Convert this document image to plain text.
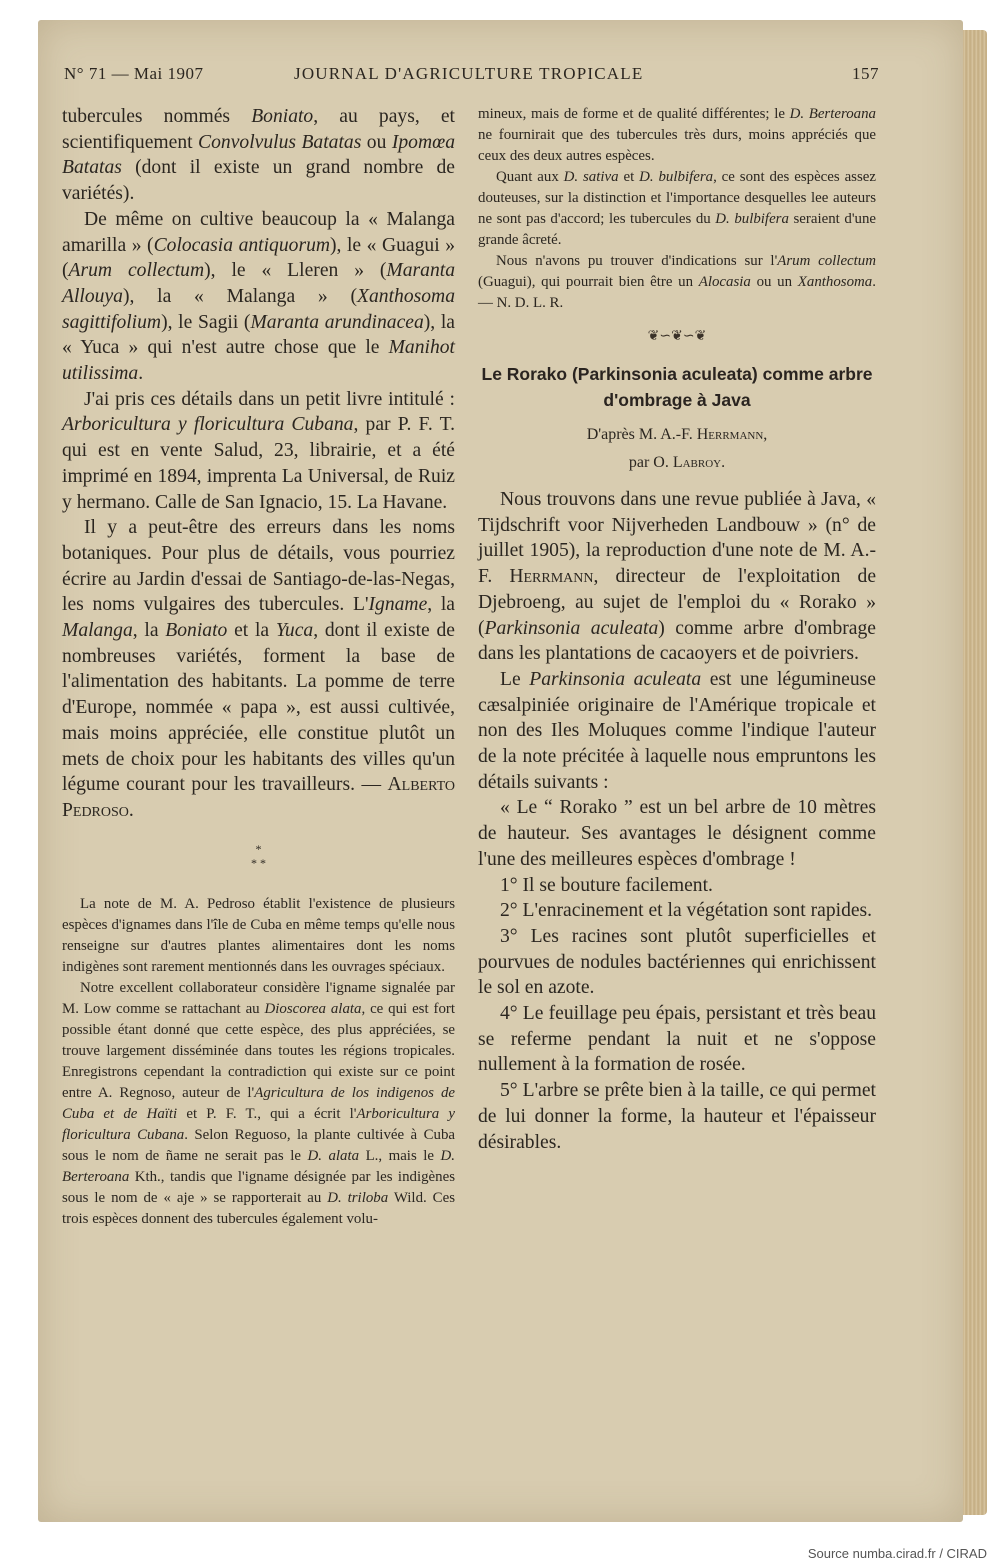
N° 71 — Mai 1907	JOURNAL D'AGRICULTURE TROPICALE	157

tubercules nommés Boniato, au pays, et scientifiquement Convolvulus Batatas ou Ipomœa Batatas (dont il existe un grand nombre de variétés).

De même on cultive beaucoup la « Malanga amarilla » (Colocasia antiquorum), le « Guagui » (Arum collectum), le « Lleren » (Maranta Allouya), la « Malanga » (Xanthosoma sagittifolium), le Sagii (Maranta arundinacea), la « Yuca » qui n'est autre chose que le Manihot utilissima.

J'ai pris ces détails dans un petit livre intitulé : Arboricultura y floricultura Cubana, par P. F. T. qui est en vente Salud, 23, librairie, et a été imprimé en 1894, imprenta La Universal, de Ruiz y hermano. Calle de San Ignacio, 15. La Havane.

Il y a peut-être des erreurs dans les noms botaniques. Pour plus de détails, vous pourriez écrire au Jardin d'essai de Santiago-de-las-Negas, les noms vulgaires des tubercules. L'Igname, la Malanga, la Boniato et la Yuca, dont il existe de nombreuses variétés, forment la base de l'alimentation des habitants. La pomme de terre d'Europe, nommée « papa », est aussi cultivée, mais moins appréciée, elle constitue plutôt un mets de choix pour les habitants des villes qu'un légume courant pour les travailleurs. — Alberto Pedroso.

*
* *

La note de M. A. Pedroso établit l'existence de plusieurs espèces d'ignames dans l'île de Cuba en même temps qu'elle nous renseigne sur d'autres plantes alimentaires dont les noms indigènes sont rarement mentionnés dans les ouvrages spéciaux.

Notre excellent collaborateur considère l'igname signalée par M. Low comme se rattachant au Dioscorea alata, ce qui est fort possible étant donné que cette espèce, des plus appréciées, se trouve largement disséminée dans toutes les régions tropicales. Enregistrons cependant la contradiction qui existe sur ce point entre A. Regnoso, auteur de l'Agricultura de los indigenos de Cuba et de Haïti et P. F. T., qui a écrit l'Arboricultura y floricultura Cubana. Selon Reguoso, la plante cultivée à Cuba sous le nom de ñame ne serait pas le D. alata L., mais le D. Berteroana Kth., tandis que l'igname désignée par les indigènes sous le nom de « aje » se rapporterait au D. triloba Wild. Ces trois espèces donnent des tubercules également volu-

mineux, mais de forme et de qualité différentes; le D. Berteroana ne fournirait que des tubercules très durs, moins appréciés que ceux des deux autres espèces.

Quant aux D. sativa et D. bulbifera, ce sont des espèces assez douteuses, sur la distinction et l'importance desquelles lee auteurs ne sont pas d'accord; les tubercules du D. bulbifera seraient d'une grande âcreté.

Nous n'avons pu trouver d'indications sur l'Arum collectum (Guagui), qui pourrait bien être un Alocasia ou un Xanthosoma. — N. D. L. R.

❦∽❦∽❦

Le Rorako (Parkinsonia aculeata) comme arbre d'ombrage à Java

D'après M. A.-F. Herrmann,

par O. Labroy.

Nous trouvons dans une revue publiée à Java, « Tijdschrift voor Nijverheden Landbouw » (n° de juillet 1905), la reproduction d'une note de M. A.-F. Herrmann, directeur de l'exploitation de Djebroeng, au sujet de l'emploi du « Rorako » (Parkinsonia aculeata) comme arbre d'ombrage dans les plantations de cacaoyers et de poivriers.

Le Parkinsonia aculeata est une légumineuse cæsalpiniée originaire de l'Amérique tropicale et non des Iles Moluques comme l'indique l'auteur de la note précitée à laquelle nous empruntons les détails suivants :

« Le “ Rorako ” est un bel arbre de 10 mètres de hauteur. Ses avantages le désignent comme l'une des meilleures espèces d'ombrage !

1° Il se bouture facilement.

2° L'enracinement et la végétation sont rapides.

3° Les racines sont plutôt superficielles et pourvues de nodules bactériennes qui enrichissent le sol en azote.

4° Le feuillage peu épais, persistant et très beau se referme pendant la nuit et ne s'oppose nullement à la formation de rosée.

5° L'arbre se prête bien à la taille, ce qui permet de lui donner la forme, la hauteur et l'épaisseur désirables.

Source numba.cirad.fr / CIRAD
